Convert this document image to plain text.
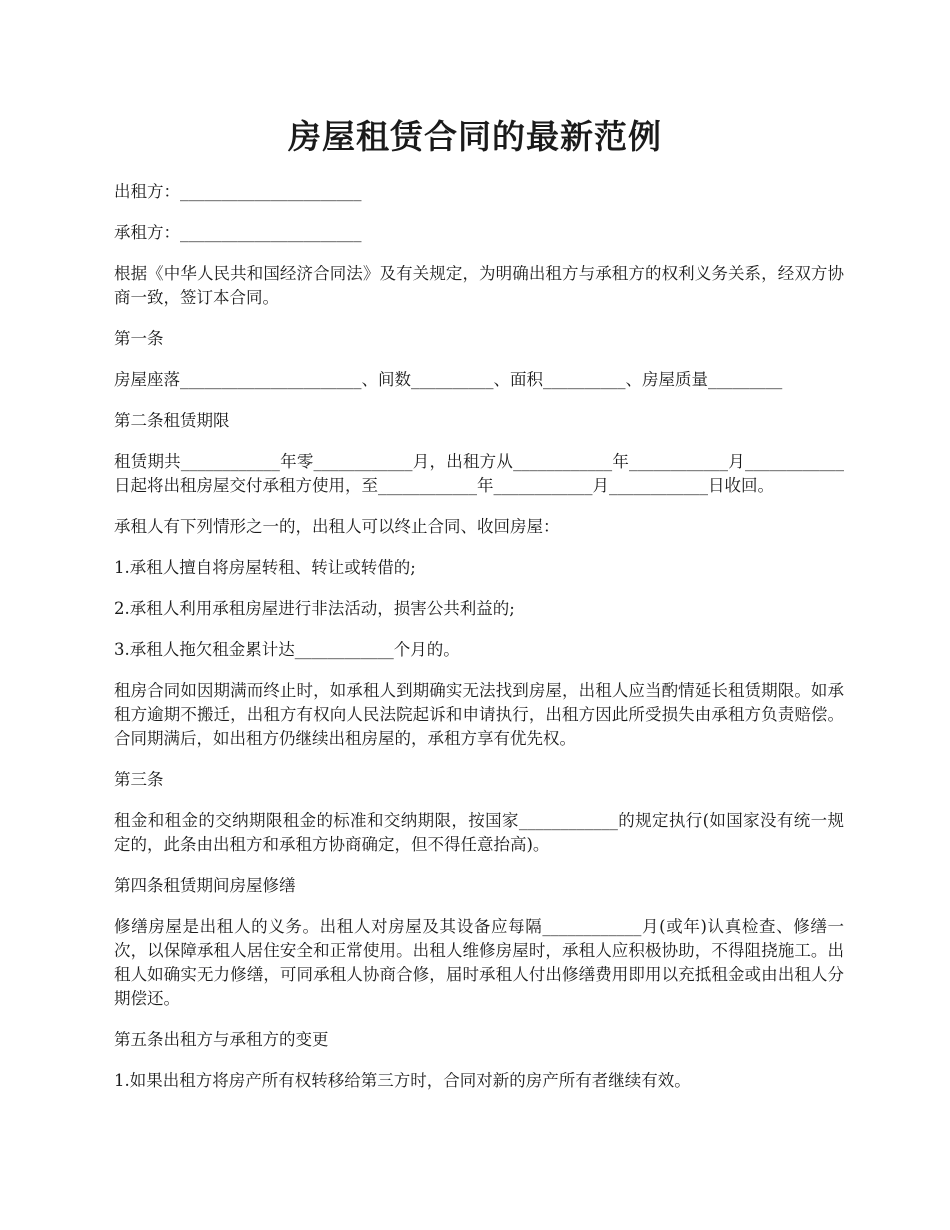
房屋租赁合同的最新范例

出租方：______________________

承租方：______________________

根据《中华人民共和国经济合同法》及有关规定，为明确出租方与承租方的权利义务关系，经双方协商一致，签订本合同。

第一条

房屋座落______________________、间数__________、面积__________、房屋质量_________

第二条租赁期限

租赁期共____________年零____________月，出租方从____________年____________月____________日起将出租房屋交付承租方使用，至____________年____________月____________日收回。

承租人有下列情形之一的，出租人可以终止合同、收回房屋：

1.承租人擅自将房屋转租、转让或转借的;

2.承租人利用承租房屋进行非法活动，损害公共利益的;

3.承租人拖欠租金累计达____________个月的。

租房合同如因期满而终止时，如承租人到期确实无法找到房屋，出租人应当酌情延长租赁期限。如承租方逾期不搬迁，出租方有权向人民法院起诉和申请执行，出租方因此所受损失由承租方负责赔偿。合同期满后，如出租方仍继续出租房屋的，承租方享有优先权。

第三条

租金和租金的交纳期限租金的标准和交纳期限，按国家____________的规定执行(如国家没有统一规定的，此条由出租方和承租方协商确定，但不得任意抬高)。

第四条租赁期间房屋修缮

修缮房屋是出租人的义务。出租人对房屋及其设备应每隔____________月(或年)认真检查、修缮一次，以保障承租人居住安全和正常使用。出租人维修房屋时，承租人应积极协助，不得阻挠施工。出租人如确实无力修缮，可同承租人协商合修，届时承租人付出修缮费用即用以充抵租金或由出租人分期偿还。

第五条出租方与承租方的变更

1.如果出租方将房产所有权转移给第三方时，合同对新的房产所有者继续有效。
